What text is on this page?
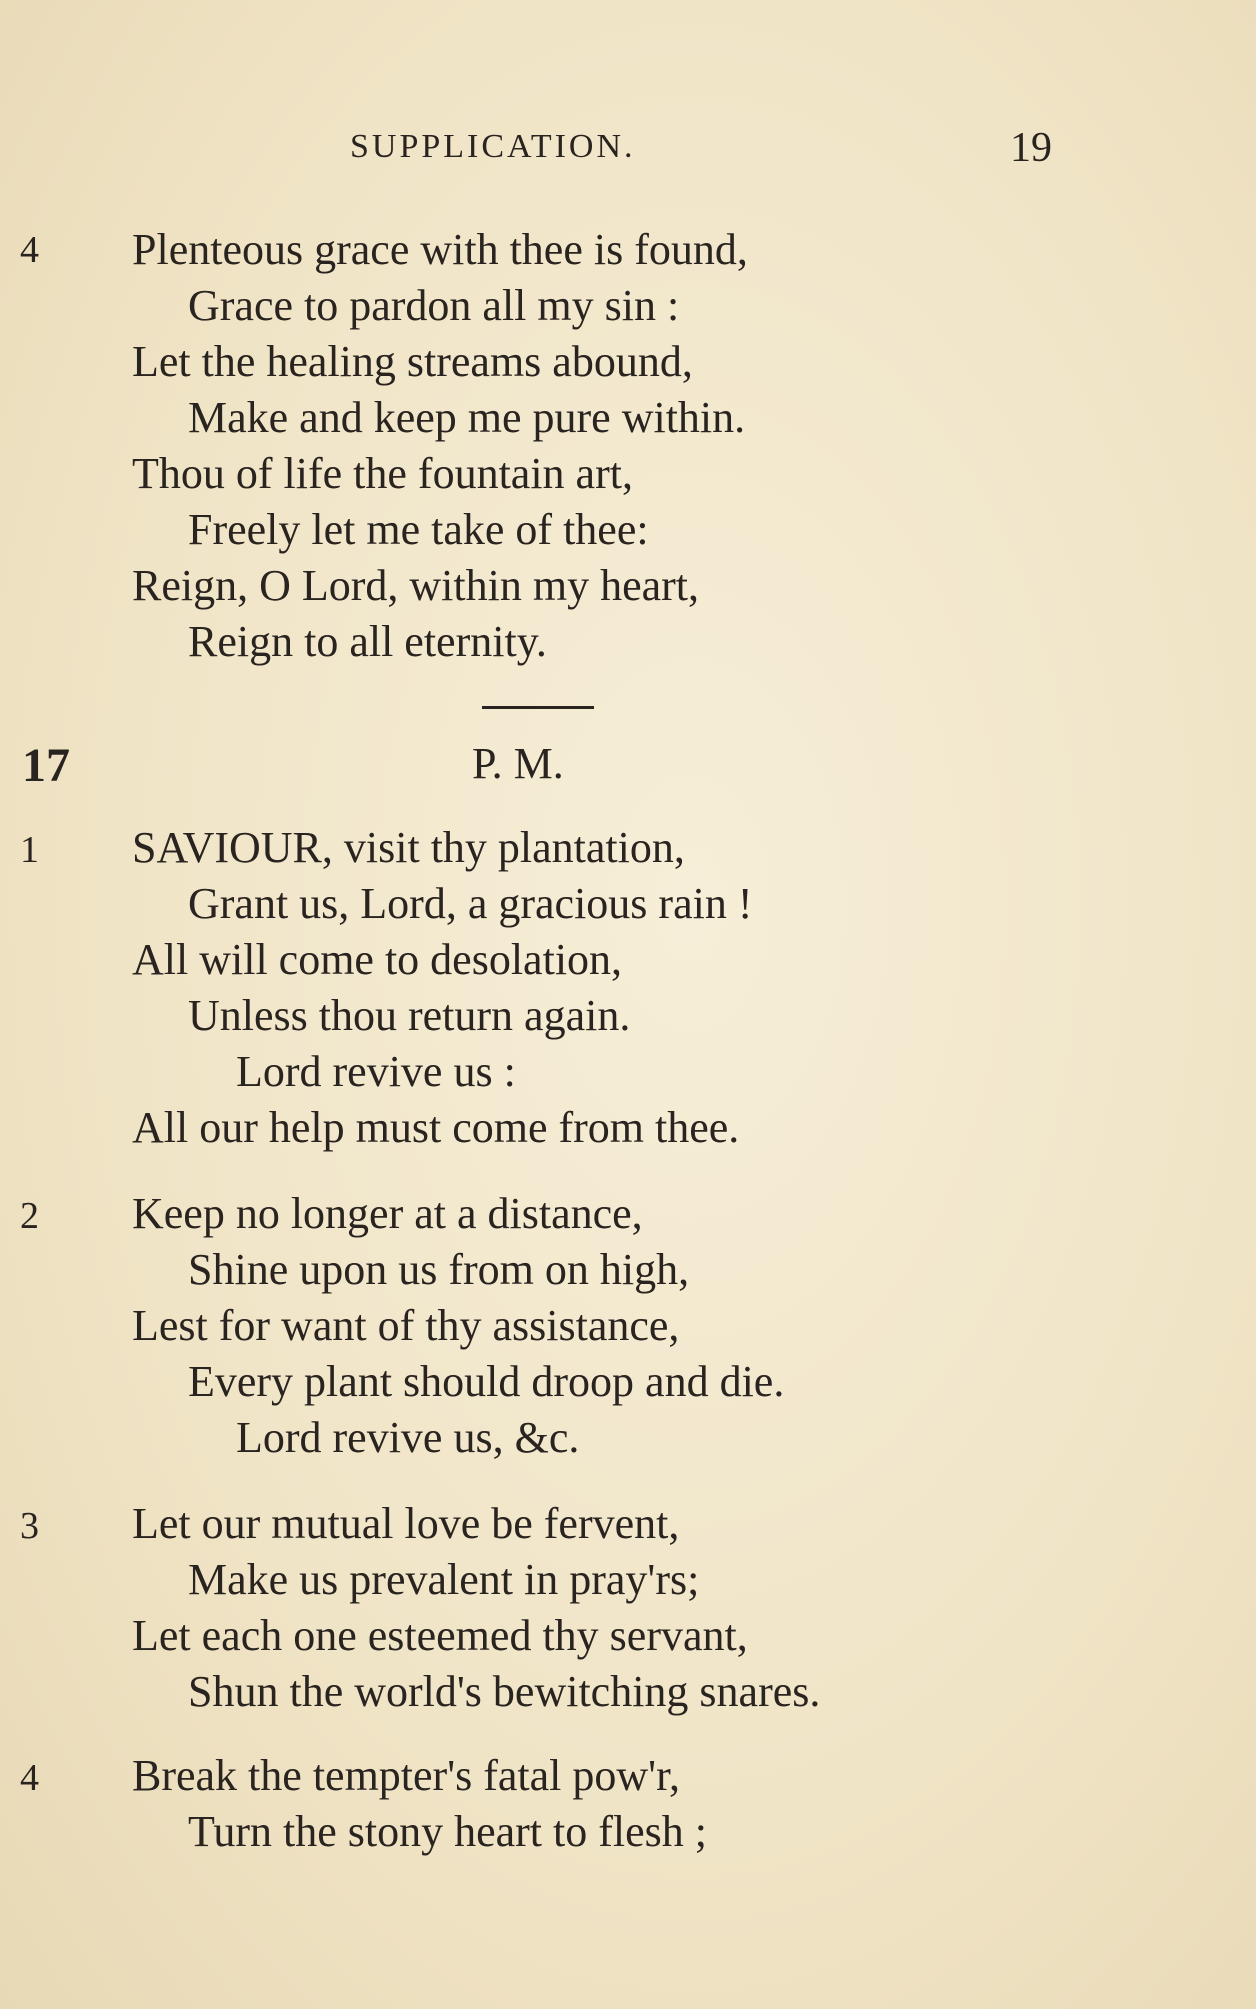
SUPPLICATION.	19
4 Plenteous grace with thee is found,
Grace to pardon all my sin :
Let the healing streams abound,
Make and keep me pure within.
Thou of life the fountain art,
Freely let me take of thee:
Reign, O Lord, within my heart,
Reign to all eternity.
17	P. M.
1 SAVIOUR, visit thy plantation,
Grant us, Lord, a gracious rain !
All will come to desolation,
Unless thou return again.
Lord revive us :
All our help must come from thee.
2 Keep no longer at a distance,
Shine upon us from on high,
Lest for want of thy assistance,
Every plant should droop and die.
Lord revive us, &c.
3 Let our mutual love be fervent,
Make us prevalent in pray'rs;
Let each one esteemed thy servant,
Shun the world's bewitching snares.
4 Break the tempter's fatal pow'r,
Turn the stony heart to flesh ;
